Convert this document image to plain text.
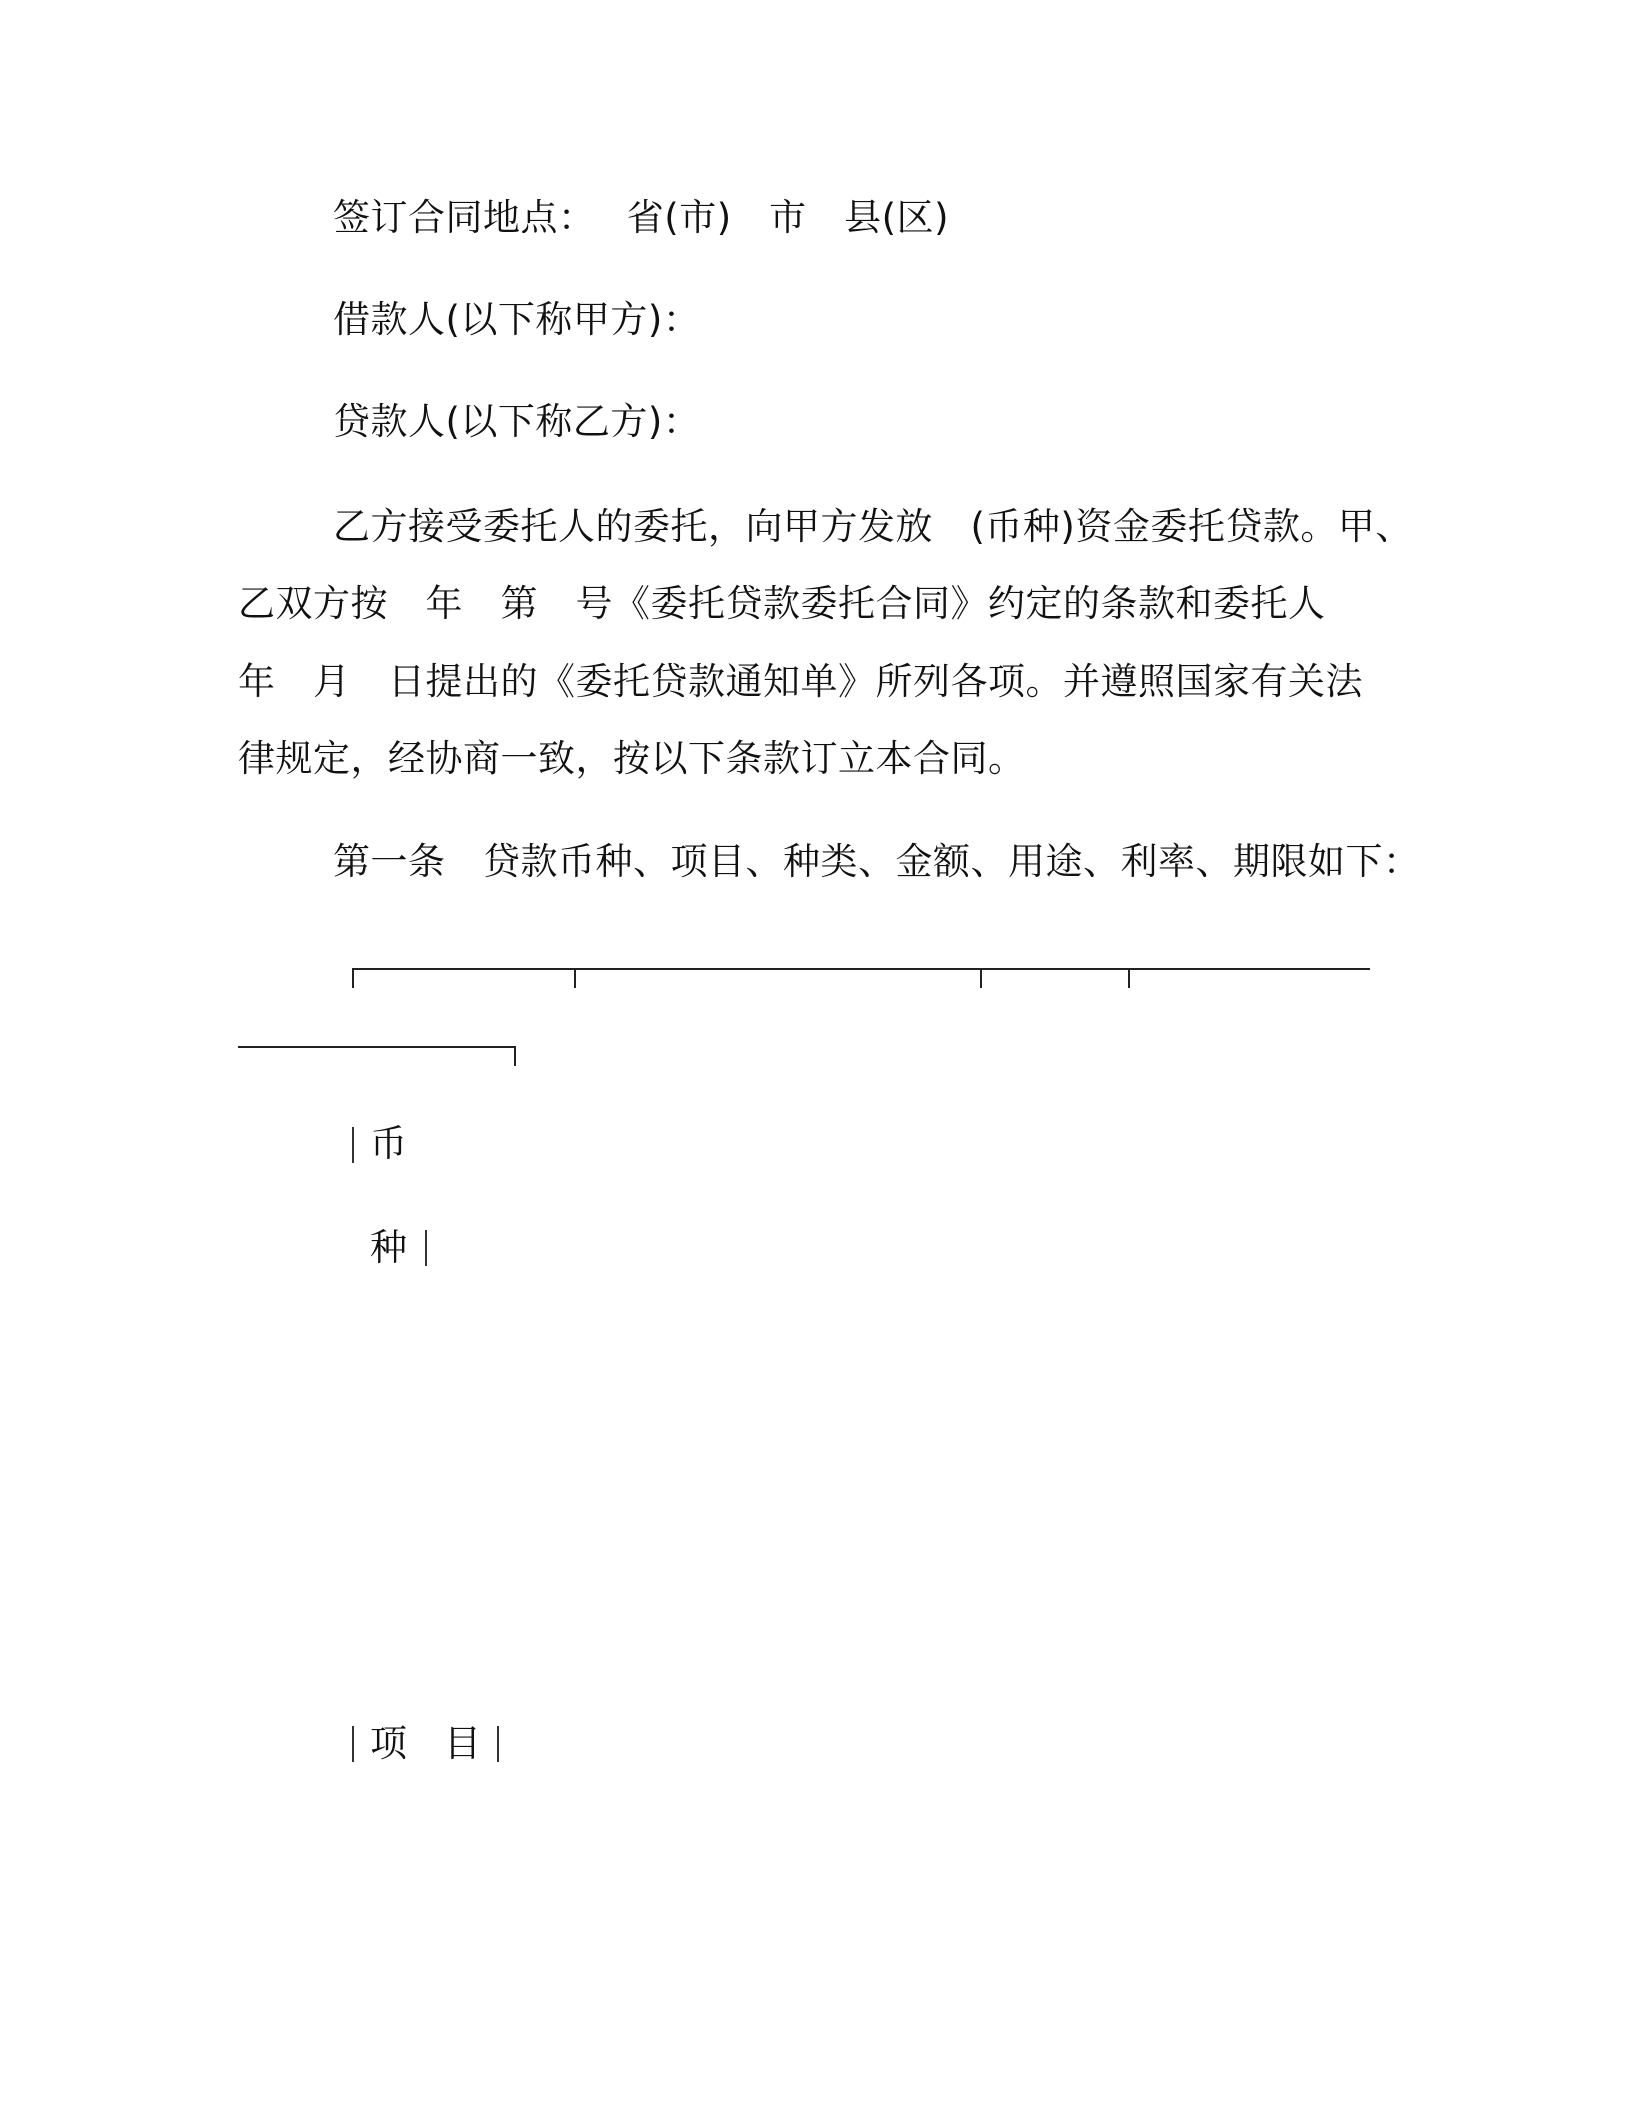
签订合同地点：　 省(市)　市　县(区)
借款人(以下称甲方)：
贷款人(以下称乙方)：
乙方接受委托人的委托，向甲方发放　(币种)资金委托贷款。甲、
乙双方按　年　第　号《委托贷款委托合同》约定的条款和委托人
年　月　日提出的《委托贷款通知单》所列各项。并遵照国家有关法
律规定，经协商一致，按以下条款订立本合同。
第一条　贷款币种、项目、种类、金额、用途、利率、期限如下：
币
种
项　目
